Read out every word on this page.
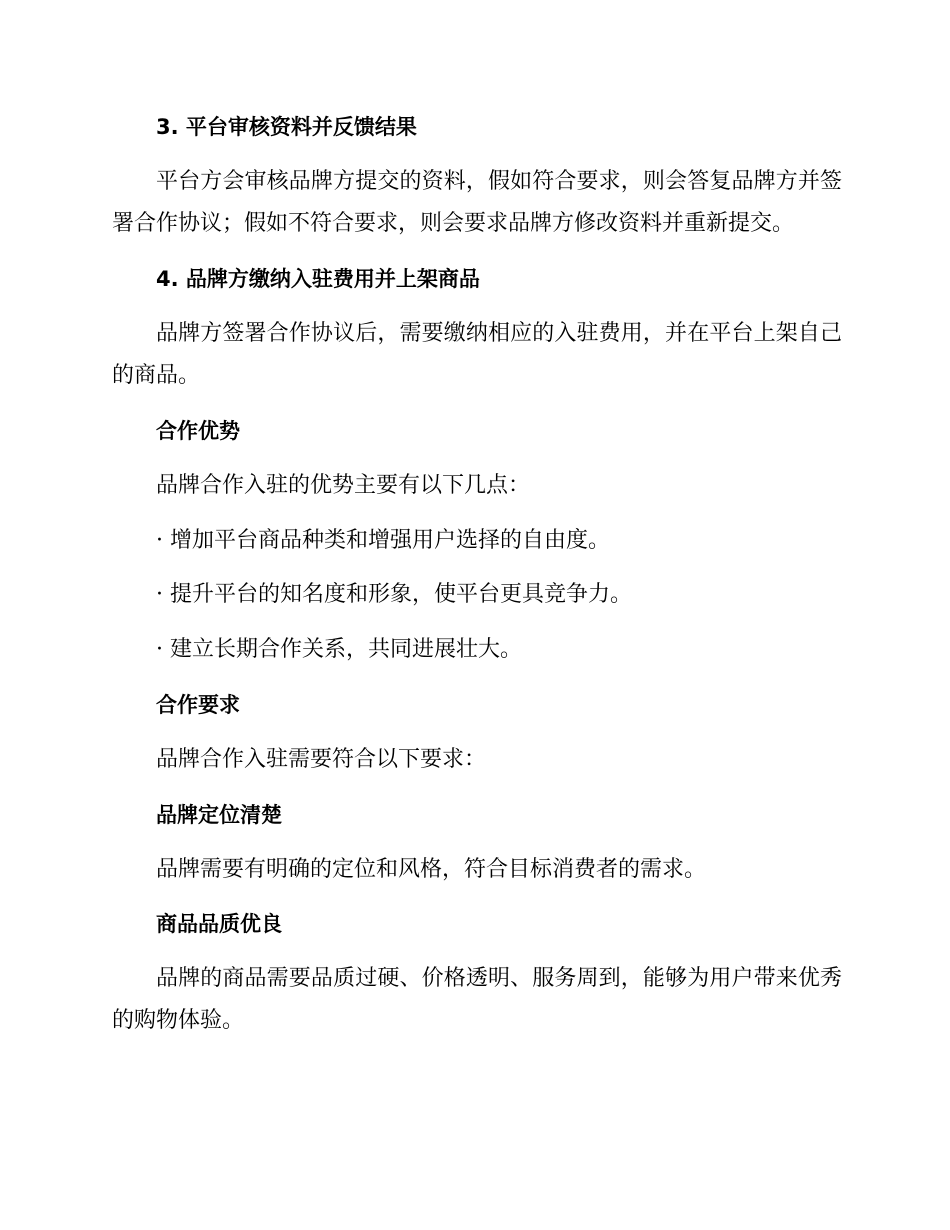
3. 平台审核资料并反馈结果

平台方会审核品牌方提交的资料，假如符合要求，则会答复品牌方并签署合作协议；假如不符合要求，则会要求品牌方修改资料并重新提交。

4. 品牌方缴纳入驻费用并上架商品

品牌方签署合作协议后，需要缴纳相应的入驻费用，并在平台上架自己的商品。

合作优势

品牌合作入驻的优势主要有以下几点：

· 增加平台商品种类和增强用户选择的自由度。

· 提升平台的知名度和形象，使平台更具竞争力。

· 建立长期合作关系，共同进展壮大。

合作要求

品牌合作入驻需要符合以下要求：

品牌定位清楚

品牌需要有明确的定位和风格，符合目标消费者的需求。

商品品质优良

品牌的商品需要品质过硬、价格透明、服务周到，能够为用户带来优秀的购物体验。
